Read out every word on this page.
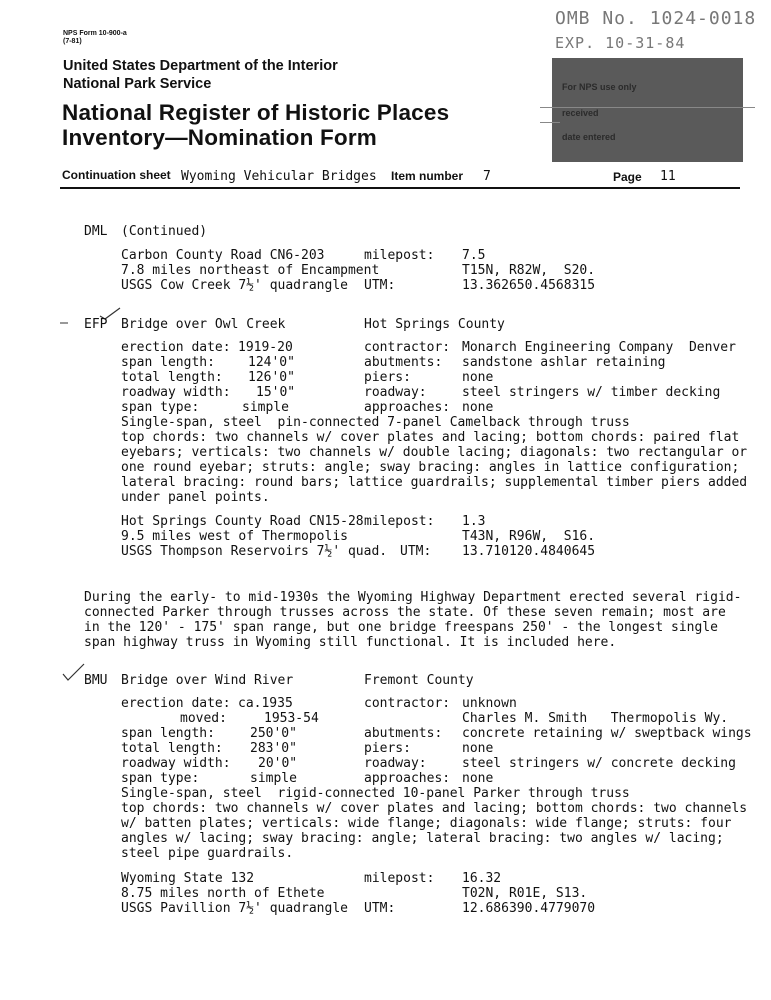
NPS Form 10-900-a
(7-81)
OMB No. 1024-0018
EXP. 10-31-84
United States Department of the Interior
National Park Service
National Register of Historic Places
Inventory—Nomination Form
For NPS use only
received
date entered
Continuation sheet Wyoming Vehicular Bridges Item number 7	Page 11
DML (Continued)
Carbon County Road CN6-203	milepost: 7.5
7.8 miles northeast of Encampment	T15N, R82W,  S20.
USGS Cow Creek 7½' quadrangle UTM:	13.362650.4568315
EFP Bridge over Owl Creek	Hot Springs County
erection date: 1919-20	contractor: Monarch Engineering Company  Denver
span length:	124'0"	abutments: sandstone ashlar retaining
total length: 126'0"	piers:	none
roadway width: 15'0"	roadway:	steel stringers w/ timber decking
span type:	simple	approaches: none
Single-span, steel  pin-connected 7-panel Camelback through truss
top chords: two channels w/ cover plates and lacing; bottom chords: paired flat
eyebars; verticals: two channels w/ double lacing; diagonals: two rectangular or
one round eyebar; struts: angle; sway bracing: angles in lattice configuration;
lateral bracing: round bars; lattice guardrails; supplemental timber piers added
under panel points.
Hot Springs County Road CN15-28 milepost: 1.3
9.5 miles west of Thermopolis	T43N, R96W,  S16.
USGS Thompson Reservoirs 7½' quad. UTM: 13.710120.4840645
During the early- to mid-1930s the Wyoming Highway Department erected several rigid-
connected Parker through trusses across the state. Of these seven remain; most are
in the 120' - 175' span range, but one bridge freespans 250' - the longest single
span highway truss in Wyoming still functional. It is included here.
BMU Bridge over Wind River	Fremont County
erection date: ca.1935	contractor: unknown
moved:	1953-54	Charles M. Smith   Thermopolis Wy.
span length:	250'0"	abutments: concrete retaining w/ sweptback wings
total length: 283'0"	piers:	none
roadway width: 20'0"	roadway:	steel stringers w/ concrete decking
span type:	simple	approaches: none
Single-span, steel  rigid-connected 10-panel Parker through truss
top chords: two channels w/ cover plates and lacing; bottom chords: two channels
w/ batten plates; verticals: wide flange; diagonals: wide flange; struts: four
angles w/ lacing; sway bracing: angle; lateral bracing: two angles w/ lacing;
steel pipe guardrails.
Wyoming State 132	milepost: 16.32
8.75 miles north of Ethete	T02N, R01E, S13.
USGS Pavillion 7½' quadrangle UTM:	12.686390.4779070
